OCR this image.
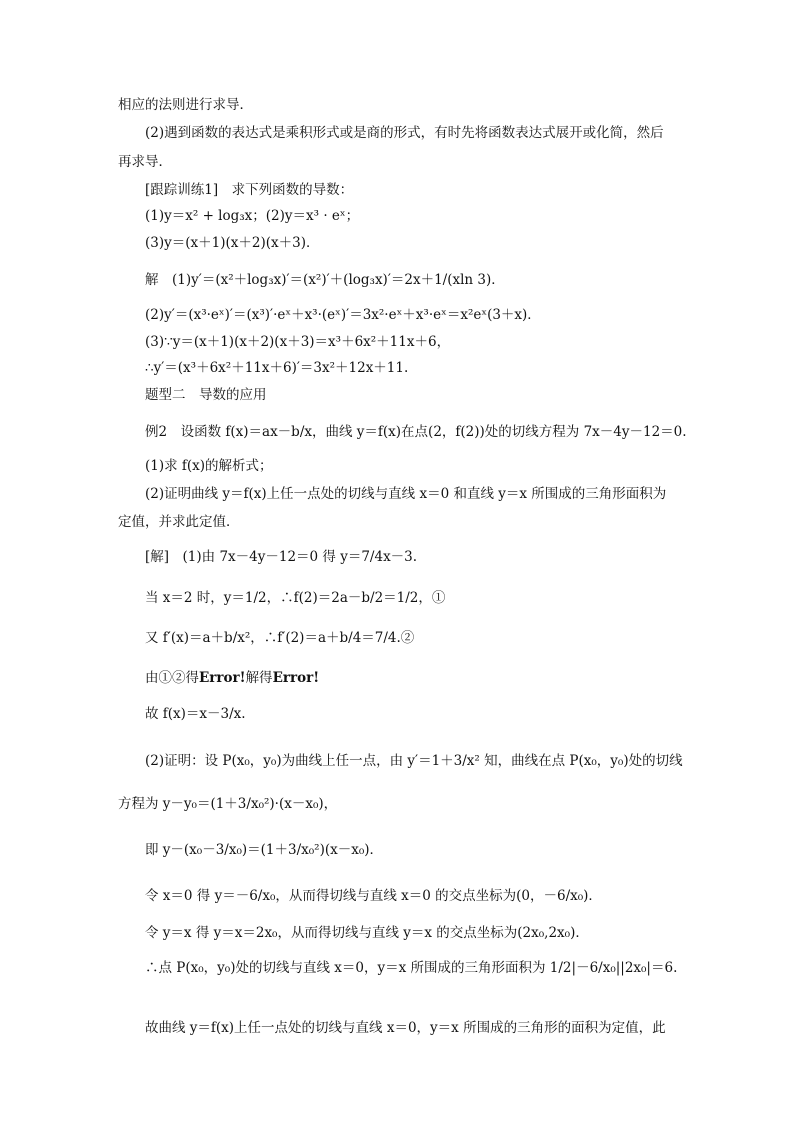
相应的法则进行求导．
(2)遇到函数的表达式是乘积形式或是商的形式，有时先将函数表达式展开或化简，然后
再求导．
[跟踪训练1]　求下列函数的导数：
(1)y＝x² + log₃x；(2)y＝x³ · eˣ；
(3)y＝(x＋1)(x＋2)(x＋3)．
解　(1)y′＝(x²＋log₃x)′＝(x²)′＋(log₃x)′＝2x＋1/(xln 3)．
(2)y′＝(x³·eˣ)′＝(x³)′·eˣ＋x³·(eˣ)′＝3x²·eˣ＋x³·eˣ＝x²eˣ(3＋x)．
(3)∵y＝(x＋1)(x＋2)(x＋3)＝x³＋6x²＋11x＋6，
∴y′＝(x³＋6x²＋11x＋6)′＝3x²＋12x＋11.
题型二　导数的应用
例2　设函数 f(x)＝ax－b/x，曲线 y＝f(x)在点(2，f(2))处的切线方程为 7x－4y－12＝0.
(1)求 f(x)的解析式；
(2)证明曲线 y＝f(x)上任一点处的切线与直线 x＝0 和直线 y＝x 所围成的三角形面积为
定值，并求此定值．
[解]　(1)由 7x－4y－12＝0 得 y＝7/4x－3.
当 x＝2 时，y＝1/2，∴f(2)＝2a－b/2＝1/2，①
又 f′(x)＝a＋b/x²，∴f′(2)＝a＋b/4＝7/4.②
由①②得Error!解得Error!
故 f(x)＝x－3/x.
(2)证明：设 P(x₀，y₀)为曲线上任一点，由 y′＝1＋3/x² 知，曲线在点 P(x₀，y₀)处的切线
方程为 y－y₀＝(1＋3/x₀²)·(x－x₀)，
即 y－(x₀－3/x₀)＝(1＋3/x₀²)(x－x₀)．
令 x＝0 得 y＝－6/x₀，从而得切线与直线 x＝0 的交点坐标为(0，－6/x₀)．
令 y＝x 得 y＝x＝2x₀，从而得切线与直线 y＝x 的交点坐标为(2x₀,2x₀)．
∴点 P(x₀，y₀)处的切线与直线 x＝0，y＝x 所围成的三角形面积为 1/2|－6/x₀||2x₀|＝6.
故曲线 y＝f(x)上任一点处的切线与直线 x＝0，y＝x 所围成的三角形的面积为定值，此
